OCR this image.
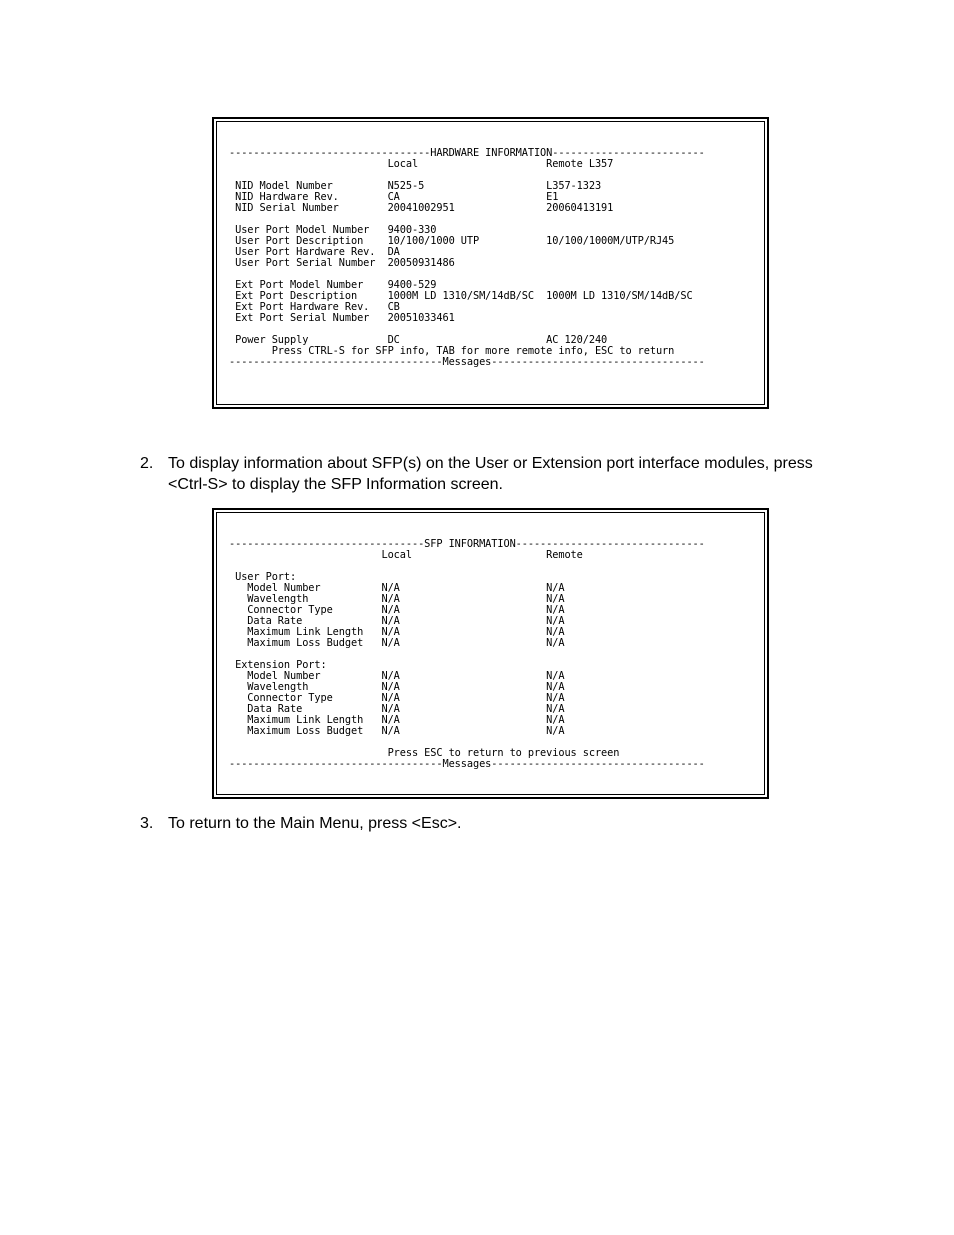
---------------------------------HARDWARE INFORMATION-------------------------
Local                     Remote L357

NID Model Number         N525-5                    L357-1323
NID Hardware Rev.        CA                        E1
NID Serial Number        20041002951               20060413191

User Port Model Number   9400-330
User Port Description    10/100/1000 UTP           10/100/1000M/UTP/RJ45
User Port Hardware Rev.  DA
User Port Serial Number  20050931486

Ext Port Model Number    9400-529
Ext Port Description     1000M LD 1310/SM/14dB/SC  1000M LD 1310/SM/14dB/SC
Ext Port Hardware Rev.   CB
Ext Port Serial Number   20051033461

Power Supply             DC                        AC 120/240
Press CTRL-S for SFP info, TAB for more remote info, ESC to return
-----------------------------------Messages-----------------------------------
2. To display information about SFP(s) on the User or Extension port interface modules, press <Ctrl-S> to display the SFP Information screen.
--------------------------------SFP INFORMATION-------------------------------
Local                      Remote

User Port:
Model Number          N/A                        N/A
Wavelength            N/A                        N/A
Connector Type        N/A                        N/A
Data Rate             N/A                        N/A
Maximum Link Length   N/A                        N/A
Maximum Loss Budget   N/A                        N/A

Extension Port:
Model Number          N/A                        N/A
Wavelength            N/A                        N/A
Connector Type        N/A                        N/A
Data Rate             N/A                        N/A
Maximum Link Length   N/A                        N/A
Maximum Loss Budget   N/A                        N/A

Press ESC to return to previous screen
-----------------------------------Messages-----------------------------------
3. To return to the Main Menu, press <Esc>.
